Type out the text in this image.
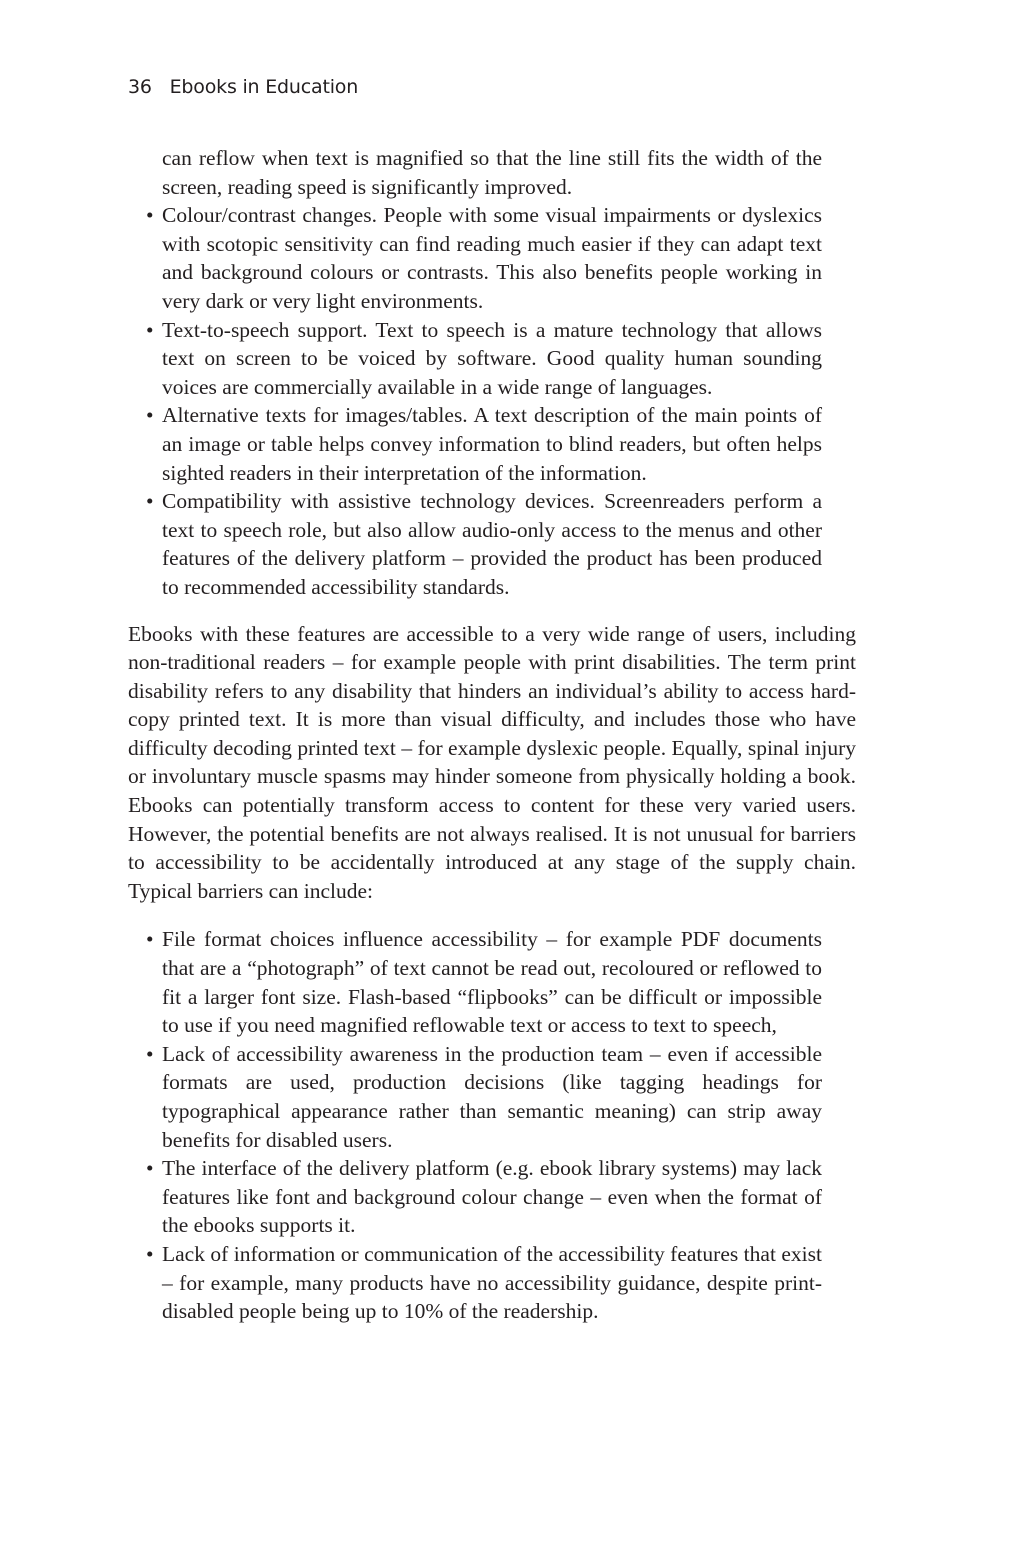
36 Ebooks in Education
can reflow when text is magnified so that the line still fits the width of the screen, reading speed is significantly improved.
• Colour/contrast changes. People with some visual impairments or dyslexics with scotopic sensitivity can find reading much easier if they can adapt text and background colours or contrasts. This also benefits people working in very dark or very light environments.
• Text-to-speech support. Text to speech is a mature technology that allows text on screen to be voiced by software. Good quality human sounding voices are commercially available in a wide range of languages.
• Alternative texts for images/tables. A text description of the main points of an image or table helps convey information to blind readers, but often helps sighted readers in their interpretation of the information.
• Compatibility with assistive technology devices. Screenreaders perform a text to speech role, but also allow audio-only access to the menus and other features of the delivery platform – provided the product has been produced to recommended accessibility standards.

Ebooks with these features are accessible to a very wide range of users, including non-traditional readers – for example people with print disabilities. The term print disability refers to any disability that hinders an individual’s ability to access hard-copy printed text. It is more than visual difficulty, and includes those who have difficulty decoding printed text – for example dyslexic people. Equally, spinal injury or involuntary muscle spasms may hinder someone from physically holding a book. Ebooks can potentially transform access to content for these very varied users. However, the potential benefits are not always realised. It is not unusual for barriers to accessibility to be accidentally introduced at any stage of the supply chain. Typical barriers can include:

• File format choices influence accessibility – for example PDF documents that are a “photograph” of text cannot be read out, recoloured or reflowed to fit a larger font size. Flash-based “flipbooks” can be difficult or impossible to use if you need magnified reflowable text or access to text to speech,
• Lack of accessibility awareness in the production team – even if accessible formats are used, production decisions (like tagging headings for typographical appearance rather than semantic meaning) can strip away benefits for disabled users.
• The interface of the delivery platform (e.g. ebook library systems) may lack features like font and background colour change – even when the format of the ebooks supports it.
• Lack of information or communication of the accessibility features that exist – for example, many products have no accessibility guidance, despite print-disabled people being up to 10% of the readership.
